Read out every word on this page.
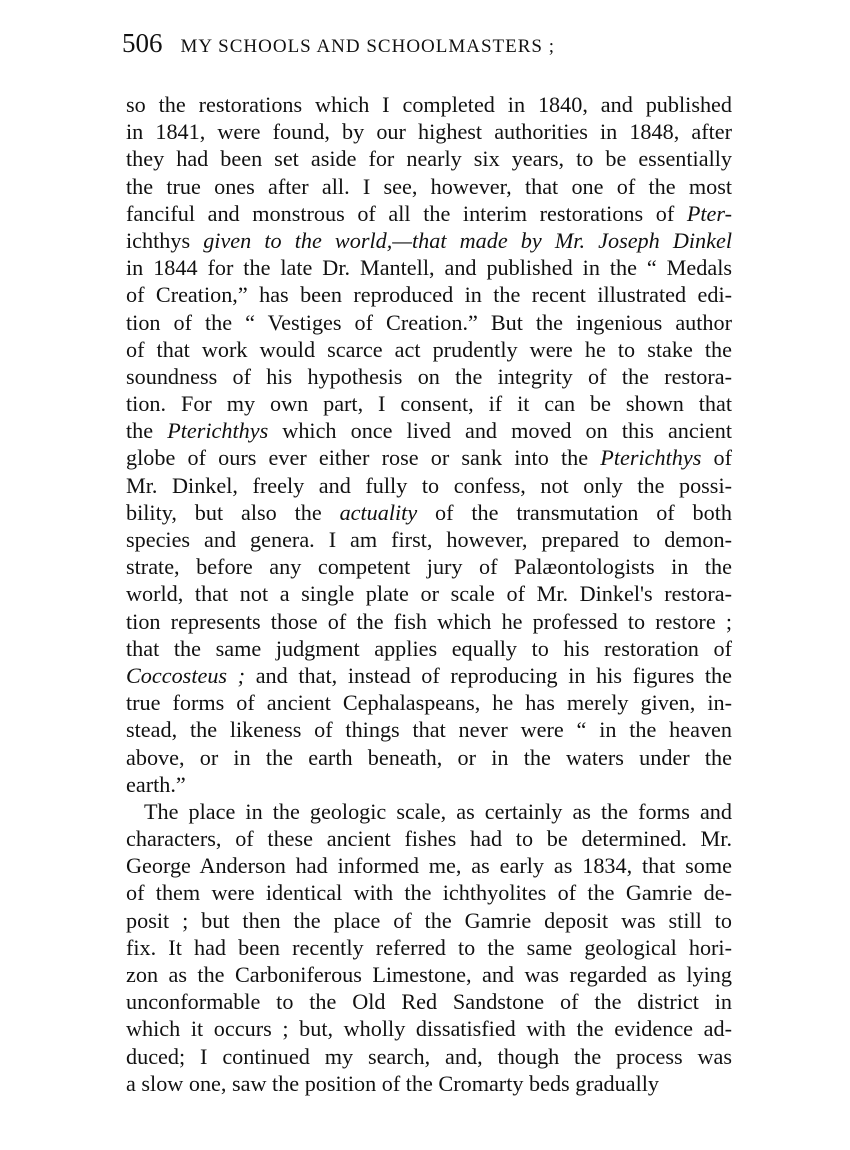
506 MY SCHOOLS AND SCHOOLMASTERS ;
so the restorations which I completed in 1840, and published
in 1841, were found, by our highest authorities in 1848, after
they had been set aside for nearly six years, to be essentially
the true ones after all. I see, however, that one of the most
fanciful and monstrous of all the interim restorations of Pter-
ichthys given to the world,—that made by Mr. Joseph Dinkel
in 1844 for the late Dr. Mantell, and published in the “ Medals
of Creation,” has been reproduced in the recent illustrated edi-
tion of the “ Vestiges of Creation.” But the ingenious author
of that work would scarce act prudently were he to stake the
soundness of his hypothesis on the integrity of the restora-
tion. For my own part, I consent, if it can be shown that
the Pterichthys which once lived and moved on this ancient
globe of ours ever either rose or sank into the Pterichthys of
Mr. Dinkel, freely and fully to confess, not only the possi-
bility, but also the actuality of the transmutation of both
species and genera. I am first, however, prepared to demon-
strate, before any competent jury of Palæontologists in the
world, that not a single plate or scale of Mr. Dinkel's restora-
tion represents those of the fish which he professed to restore ;
that the same judgment applies equally to his restoration of
Coccosteus ; and that, instead of reproducing in his figures the
true forms of ancient Cephalaspeans, he has merely given, in-
stead, the likeness of things that never were “ in the heaven
above, or in the earth beneath, or in the waters under the
earth.”
The place in the geologic scale, as certainly as the forms and
characters, of these ancient fishes had to be determined. Mr.
George Anderson had informed me, as early as 1834, that some
of them were identical with the ichthyolites of the Gamrie de-
posit ; but then the place of the Gamrie deposit was still to
fix. It had been recently referred to the same geological hori-
zon as the Carboniferous Limestone, and was regarded as lying
unconformable to the Old Red Sandstone of the district in
which it occurs ; but, wholly dissatisfied with the evidence ad-
duced; I continued my search, and, though the process was
a slow one, saw the position of the Cromarty beds gradually
